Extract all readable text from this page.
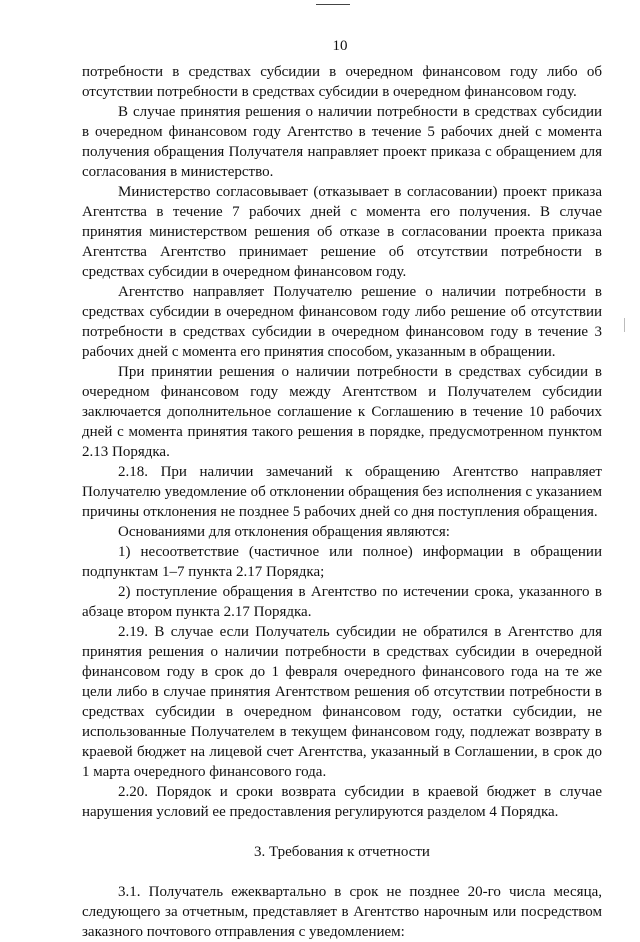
10

потребности в средствах субсидии в очередном финансовом году либо об отсутствии потребности в средствах субсидии в очередном финансовом году.

В случае принятия решения о наличии потребности в средствах субсидии в очередном финансовом году Агентство в течение 5 рабочих дней с момента получения обращения Получателя направляет проект приказа с обращением для согласования в министерство.

Министерство согласовывает (отказывает в согласовании) проект приказа Агентства в течение 7 рабочих дней с момента его получения. В случае принятия министерством решения об отказе в согласовании проекта приказа Агентства Агентство принимает решение об отсутствии потребности в средствах субсидии в очередном финансовом году.

Агентство направляет Получателю решение о наличии потребности в средствах субсидии в очередном финансовом году либо решение об отсутствии потребности в средствах субсидии в очередном финансовом году в течение 3 рабочих дней с момента его принятия способом, указанным в обращении.

При принятии решения о наличии потребности в средствах субсидии в очередном финансовом году между Агентством и Получателем субсидии заключается дополнительное соглашение к Соглашению в течение 10 рабочих дней с момента принятия такого решения в порядке, предусмотренном пунктом 2.13 Порядка.

2.18. При наличии замечаний к обращению Агентство направляет Получателю уведомление об отклонении обращения без исполнения с указанием причины отклонения не позднее 5 рабочих дней со дня поступления обращения.

Основаниями для отклонения обращения являются:

1) несоответствие (частичное или полное) информации в обращении подпунктам 1–7 пункта 2.17 Порядка;

2) поступление обращения в Агентство по истечении срока, указанного в абзаце втором пункта 2.17 Порядка.

2.19. В случае если Получатель субсидии не обратился в Агентство для принятия решения о наличии потребности в средствах субсидии в очередной финансовом году в срок до 1 февраля очередного финансового года на те же цели либо в случае принятия Агентством решения об отсутствии потребности в средствах субсидии в очередном финансовом году, остатки субсидии, не использованные Получателем в текущем финансовом году, подлежат возврату в краевой бюджет на лицевой счет Агентства, указанный в Соглашении, в срок до 1 марта очередного финансового года.

2.20. Порядок и сроки возврата субсидии в краевой бюджет в случае нарушения условий ее предоставления регулируются разделом 4 Порядка.

3. Требования к отчетности

3.1. Получатель ежеквартально в срок не позднее 20-го числа месяца, следующего за отчетным, представляет в Агентство нарочным или посредством заказного почтового отправления с уведомлением:
